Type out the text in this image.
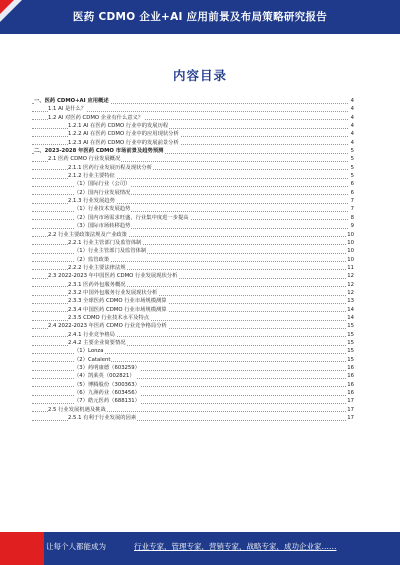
医药 CDMO 企业+AI 应用前景及布局策略研究报告
内容目录
一、医药 CDMO+AI 应用概述	4
1.1 AI 是什么？	4
1.2 AI 对医药 CDMO 企业有什么意义？	4
1.2.1 AI 在医药 CDMO 行业中的发展历程	4
1.2.2 AI 在医药 CDMO 行业中的应用现状分析	4
1.2.3 AI 在医药 CDMO 行业中的发展前景分析	4
二、2023-2028 年医药 CDMO 市场前景及趋势预测	5
2.1 医药 CDMO 行业发展概况	5
2.1.1 医药行业发展历程及现状分析	5
2.1.2 行业主要特征	5
（1）国际行业（公司）	6
（2）国内行业发展情况	6
2.1.3 行业发展趋势	7
（1）行业技术发展趋势	7
（2）国内市场需求旺盛，行业集中度进一步提高	8
（3）国际市场转移趋势	9
2.2 行业主要政策法规及产业政策	10
2.2.1 行业主管部门及监管体制	10
（1）行业主管部门及监管体制	10
（2）监管政策	10
2.2.2 行业主要法律法规	11
2.3 2022-2023 年中国医药 CDMO 行业发展现状分析	12
2.3.1 医药外包服务概况	12
2.3.2 中国外包服务行业发展现状分析	12
2.3.3 全球医药 CDMO 行业市场规模测算	13
2.3.4 中国医药 CDMO 行业市场规模测算	14
2.3.5 CDMO 行业技术水平及特点	14
2.4 2022-2023 年医药 CDMO 行业竞争格局分析	15
2.4.1 行业竞争格局	15
2.4.2 主要企业简要情况	15
（1）Lonza	15
（2）Catalent	15
（3）药明康德（603259）	16
（4）凯莱英（002821）	16
（5）博腾股份（300363）	16
（6）九洲药业（603456）	16
（7）皓元医药（688131）	17
2.5 行业发展机遇及挑战	17
2.5.1 有利于行业发展的因素	17
让每个人都能成为	行业专家，管理专家，营销专家，战略专家，成功企业家……
